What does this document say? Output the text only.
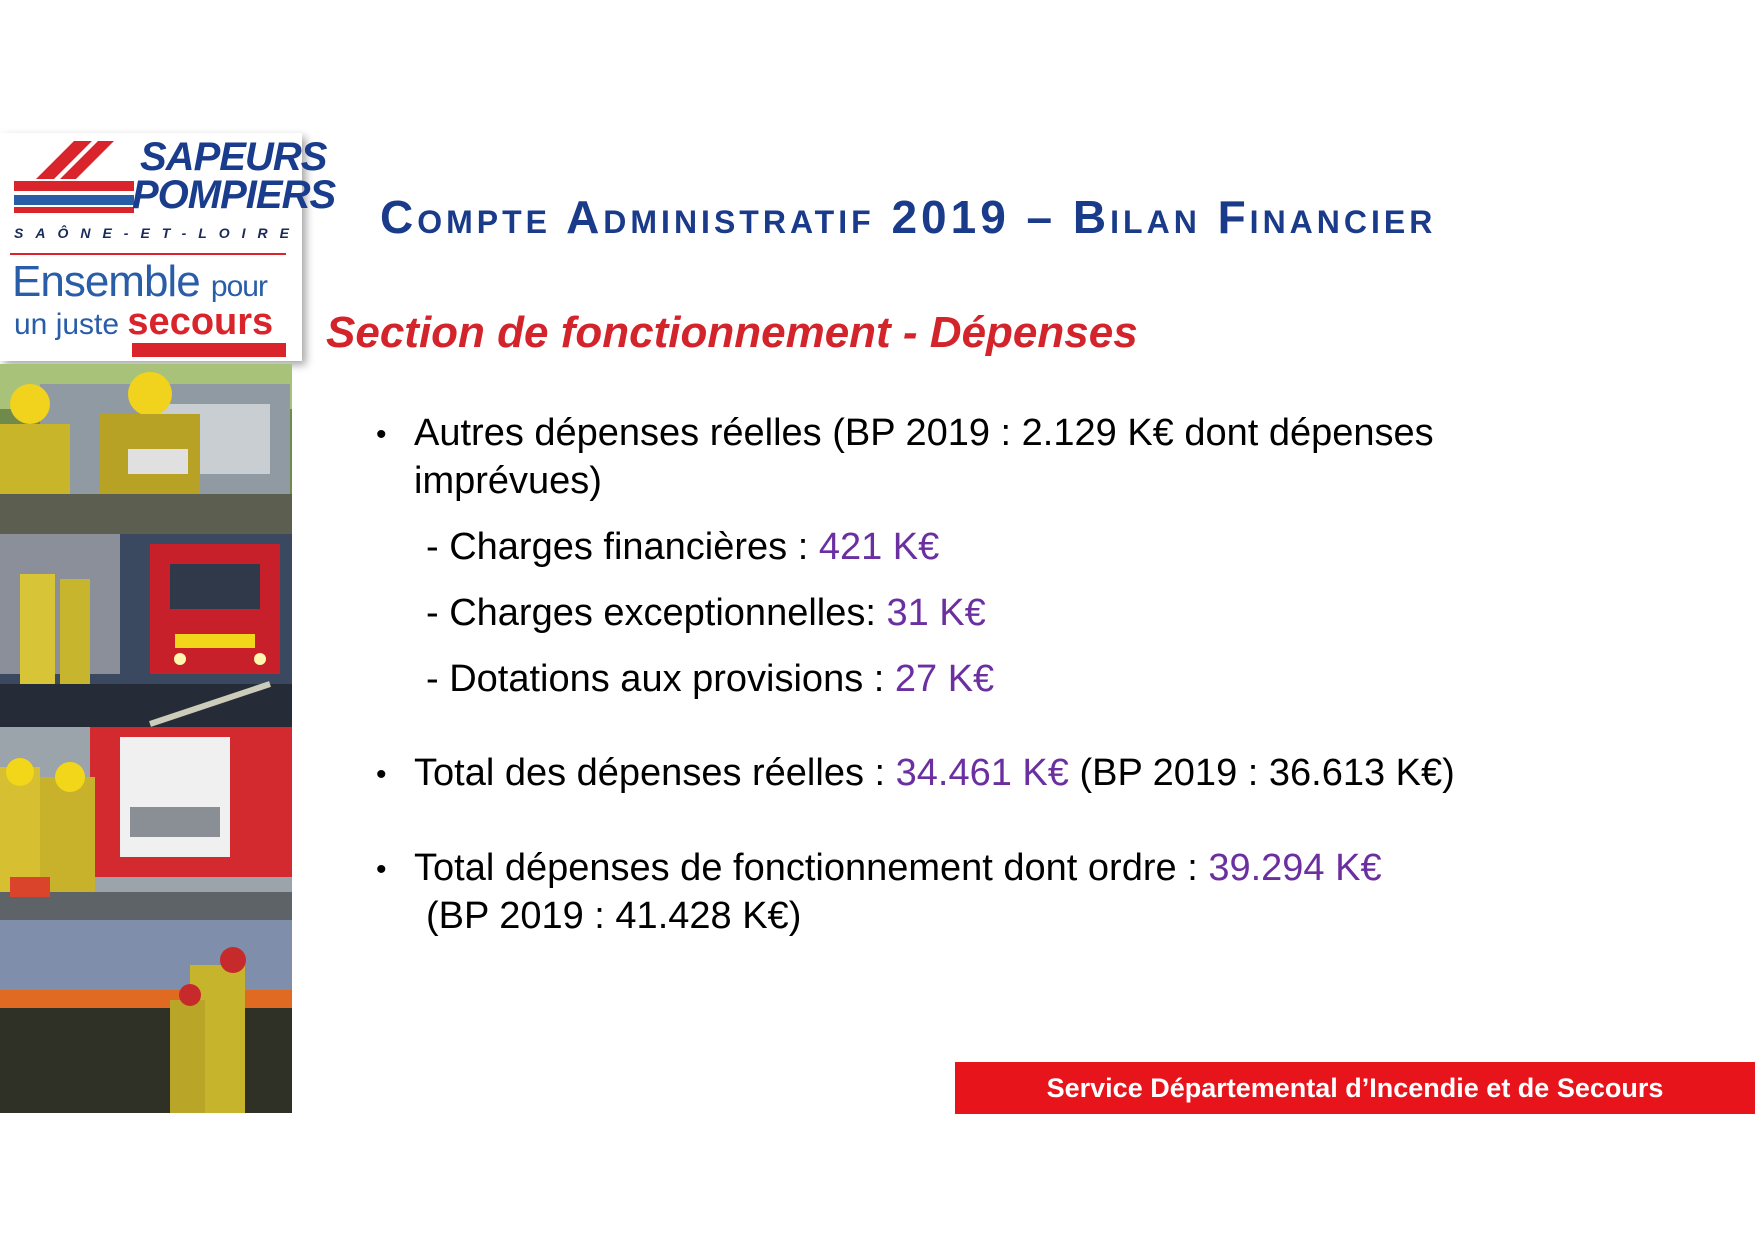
SAPEURS
POMPIERS
SAÔNE-ET-LOIRE
Ensemble pour
un juste secours
Compte Administratif 2019 – Bilan Financier
Section de fonctionnement - Dépenses
• Autres dépenses réelles (BP 2019 : 2.129 K€ dont dépenses
imprévues)
- Charges financières : 421 K€
- Charges exceptionnelles: 31 K€
- Dotations aux provisions : 27 K€
• Total des dépenses réelles : 34.461 K€ (BP 2019 : 36.613 K€)
• Total dépenses de fonctionnement dont ordre : 39.294 K€
(BP 2019 : 41.428 K€)
Service Départemental d’Incendie et de Secours
